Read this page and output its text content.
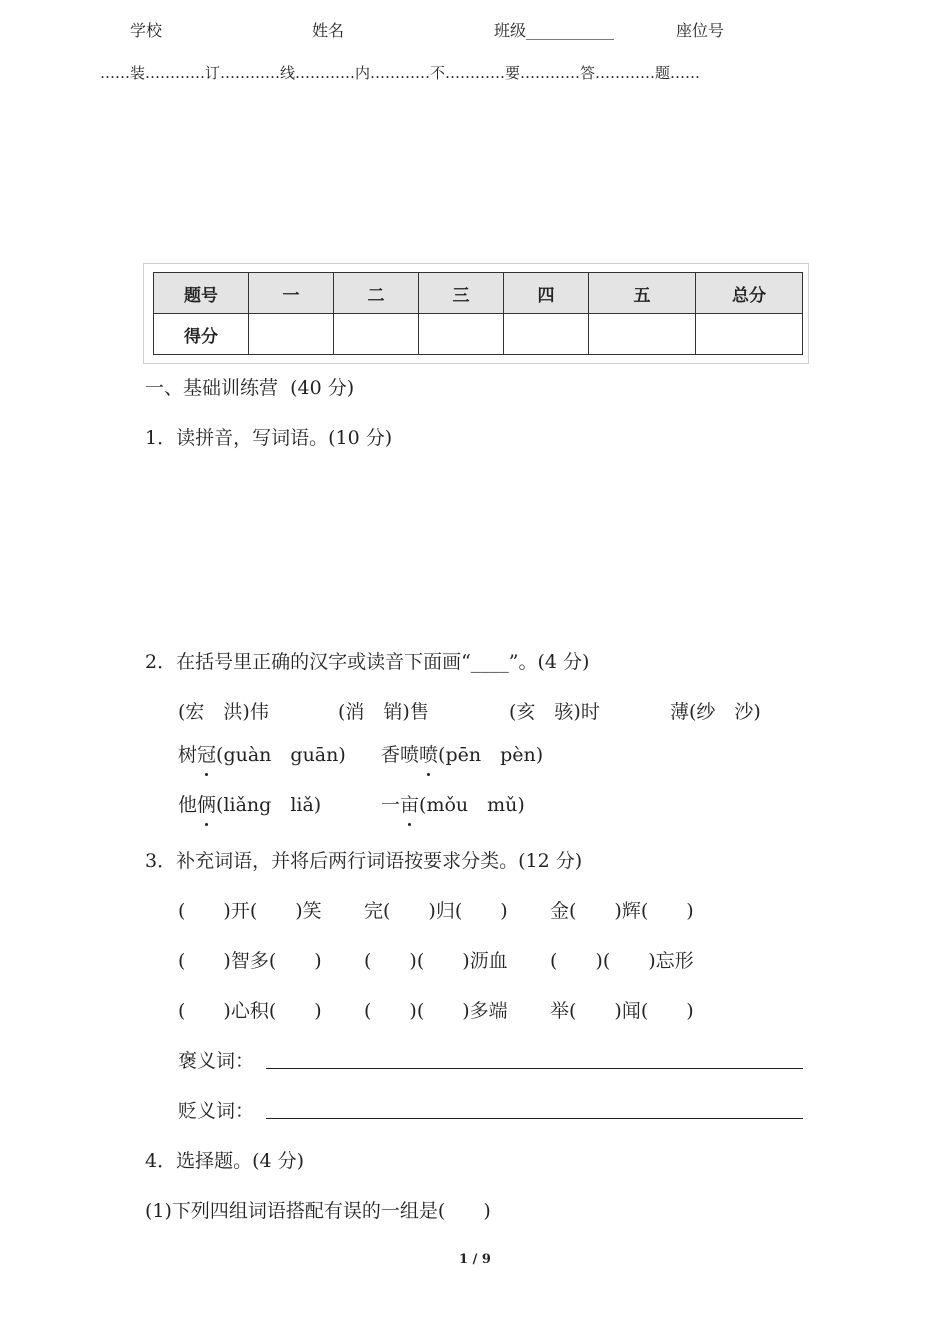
学校	姓名	班级___________	座位号
……装…………订…………线…………内…………不…………要…………答…………题……
题号	一	二	三	四	五	总分
得分						
一、基础训练营  (40 分)
1．读拼音，写词语。(10 分)
2．在括号里正确的汉字或读音下面画“____”。(4 分)
(宏　洪)伟	(消　销)售	(亥　骇)时	薄(纱　沙)
树冠(guàn　guān) 香喷喷(pēn　pèn)
他俩(liǎng　liǎ)	一亩(mǒu　mǔ)
3．补充词语，并将后两行词语按要求分类。(12 分)
(　　)开(　　)笑 完(　　)归(　　) 金(　　)辉(　　)
(　　)智多(　　) (　　)(　　)沥血 (　　)(　　)忘形
(　　)心积(　　) (　　)(　　)多端 举(　　)闻(　　)
褒义词：
贬义词：
4．选择题。(4 分)
(1)下列四组词语搭配有误的一组是(　　)
1 / 9
